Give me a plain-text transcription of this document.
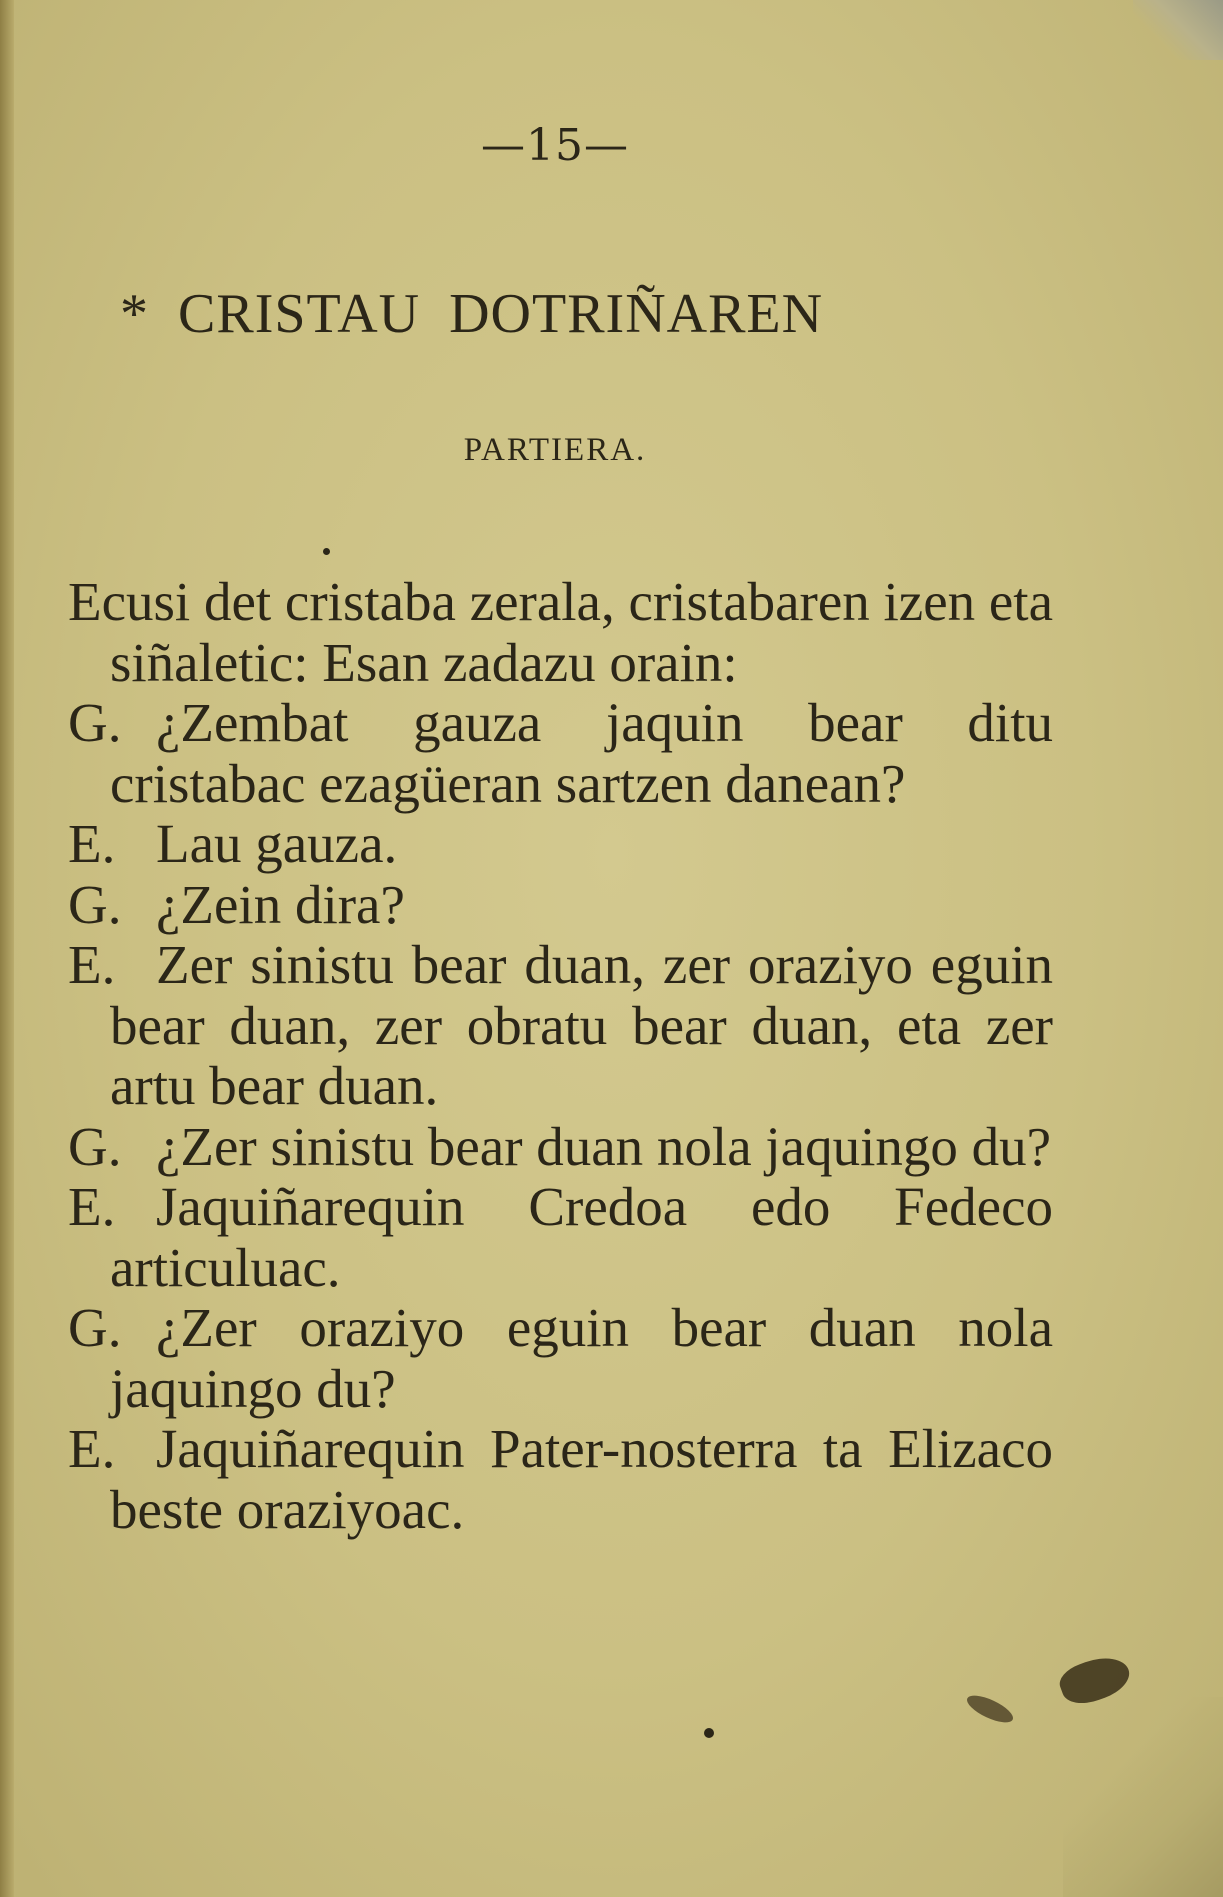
—15—
* CRISTAU DOTRIÑAREN
PARTIERA.
Ecusi det cristaba zerala, cristabaren izen eta siñaletic: Esan zadazu orain:
G. ¿Zembat gauza jaquin bear ditu cristabac ezagüeran sartzen danean?
E. Lau gauza.
G. ¿Zein dira?
E. Zer sinistu bear duan, zer oraziyo eguin bear duan, zer obratu bear duan, eta zer artu bear duan.
G. ¿Zer sinistu bear duan nola jaquingo du?
E. Jaquiñarequin Credoa edo Fedeco articuluac.
G. ¿Zer oraziyo eguin bear duan nola jaquingo du?
E. Jaquiñarequin Pater-nosterra ta Elizaco beste oraziyoac.
